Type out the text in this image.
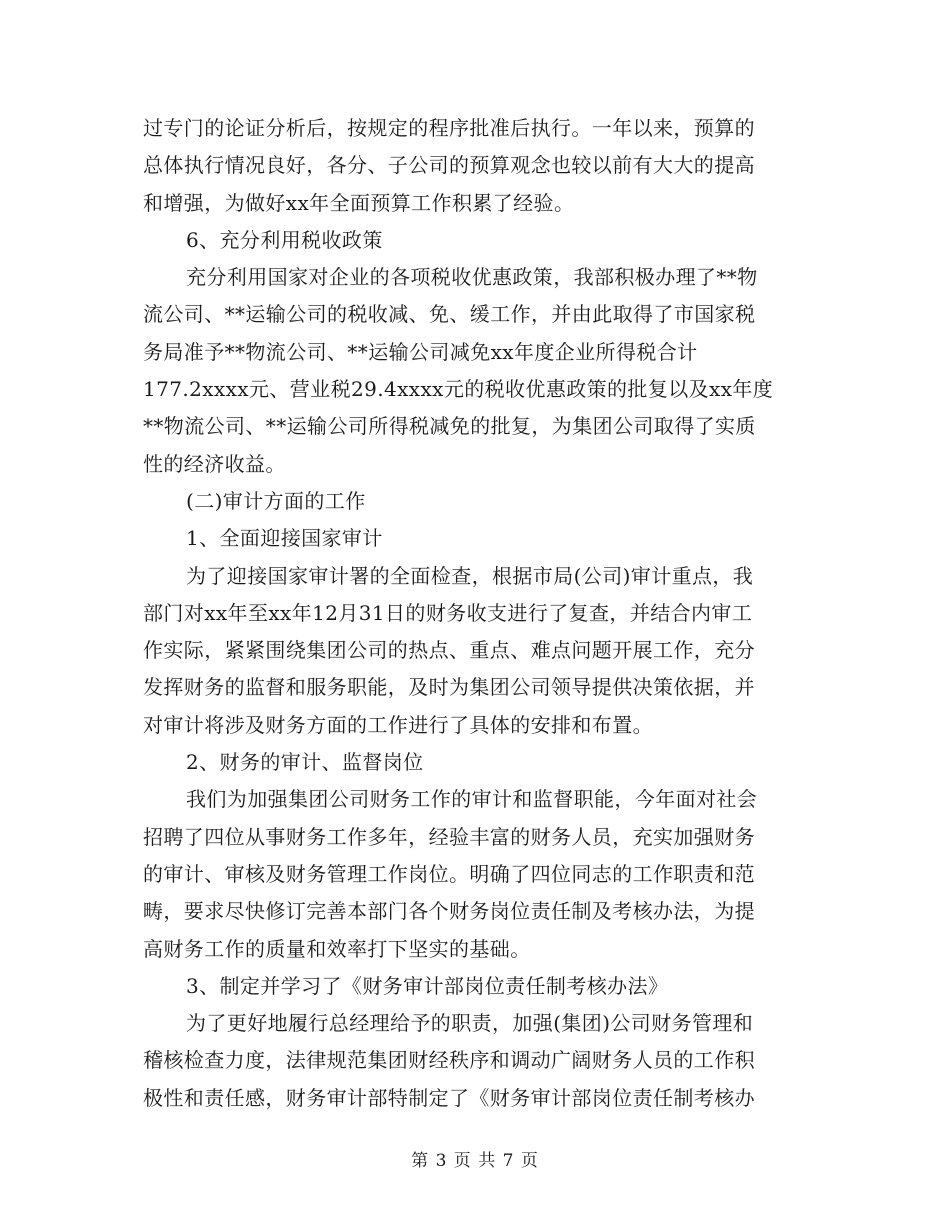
过专门的论证分析后，按规定的程序批准后执行。一年以来，预算的
总体执行情况良好，各分、子公司的预算观念也较以前有大大的提高
和增强，为做好xx年全面预算工作积累了经验。
6、充分利用税收政策
充分利用国家对企业的各项税收优惠政策，我部积极办理了**物
流公司、**运输公司的税收减、免、缓工作，并由此取得了市国家税
务局准予**物流公司、**运输公司减免xx年度企业所得税合计
177.2xxxx元、营业税29.4xxxx元的税收优惠政策的批复以及xx年度
**物流公司、**运输公司所得税减免的批复，为集团公司取得了实质
性的经济收益。
(二)审计方面的工作
1、全面迎接国家审计
为了迎接国家审计署的全面检查，根据市局(公司)审计重点，我
部门对xx年至xx年12月31日的财务收支进行了复查，并结合内审工
作实际，紧紧围绕集团公司的热点、重点、难点问题开展工作，充分
发挥财务的监督和服务职能，及时为集团公司领导提供决策依据，并
对审计将涉及财务方面的工作进行了具体的安排和布置。
2、财务的审计、监督岗位
我们为加强集团公司财务工作的审计和监督职能，今年面对社会
招聘了四位从事财务工作多年，经验丰富的财务人员，充实加强财务
的审计、审核及财务管理工作岗位。明确了四位同志的工作职责和范
畴，要求尽快修订完善本部门各个财务岗位责任制及考核办法，为提
高财务工作的质量和效率打下坚实的基础。
3、制定并学习了《财务审计部岗位责任制考核办法》
为了更好地履行总经理给予的职责，加强(集团)公司财务管理和
稽核检查力度，法律规范集团财经秩序和调动广阔财务人员的工作积
极性和责任感，财务审计部特制定了《财务审计部岗位责任制考核办
第 3 页 共 7 页
